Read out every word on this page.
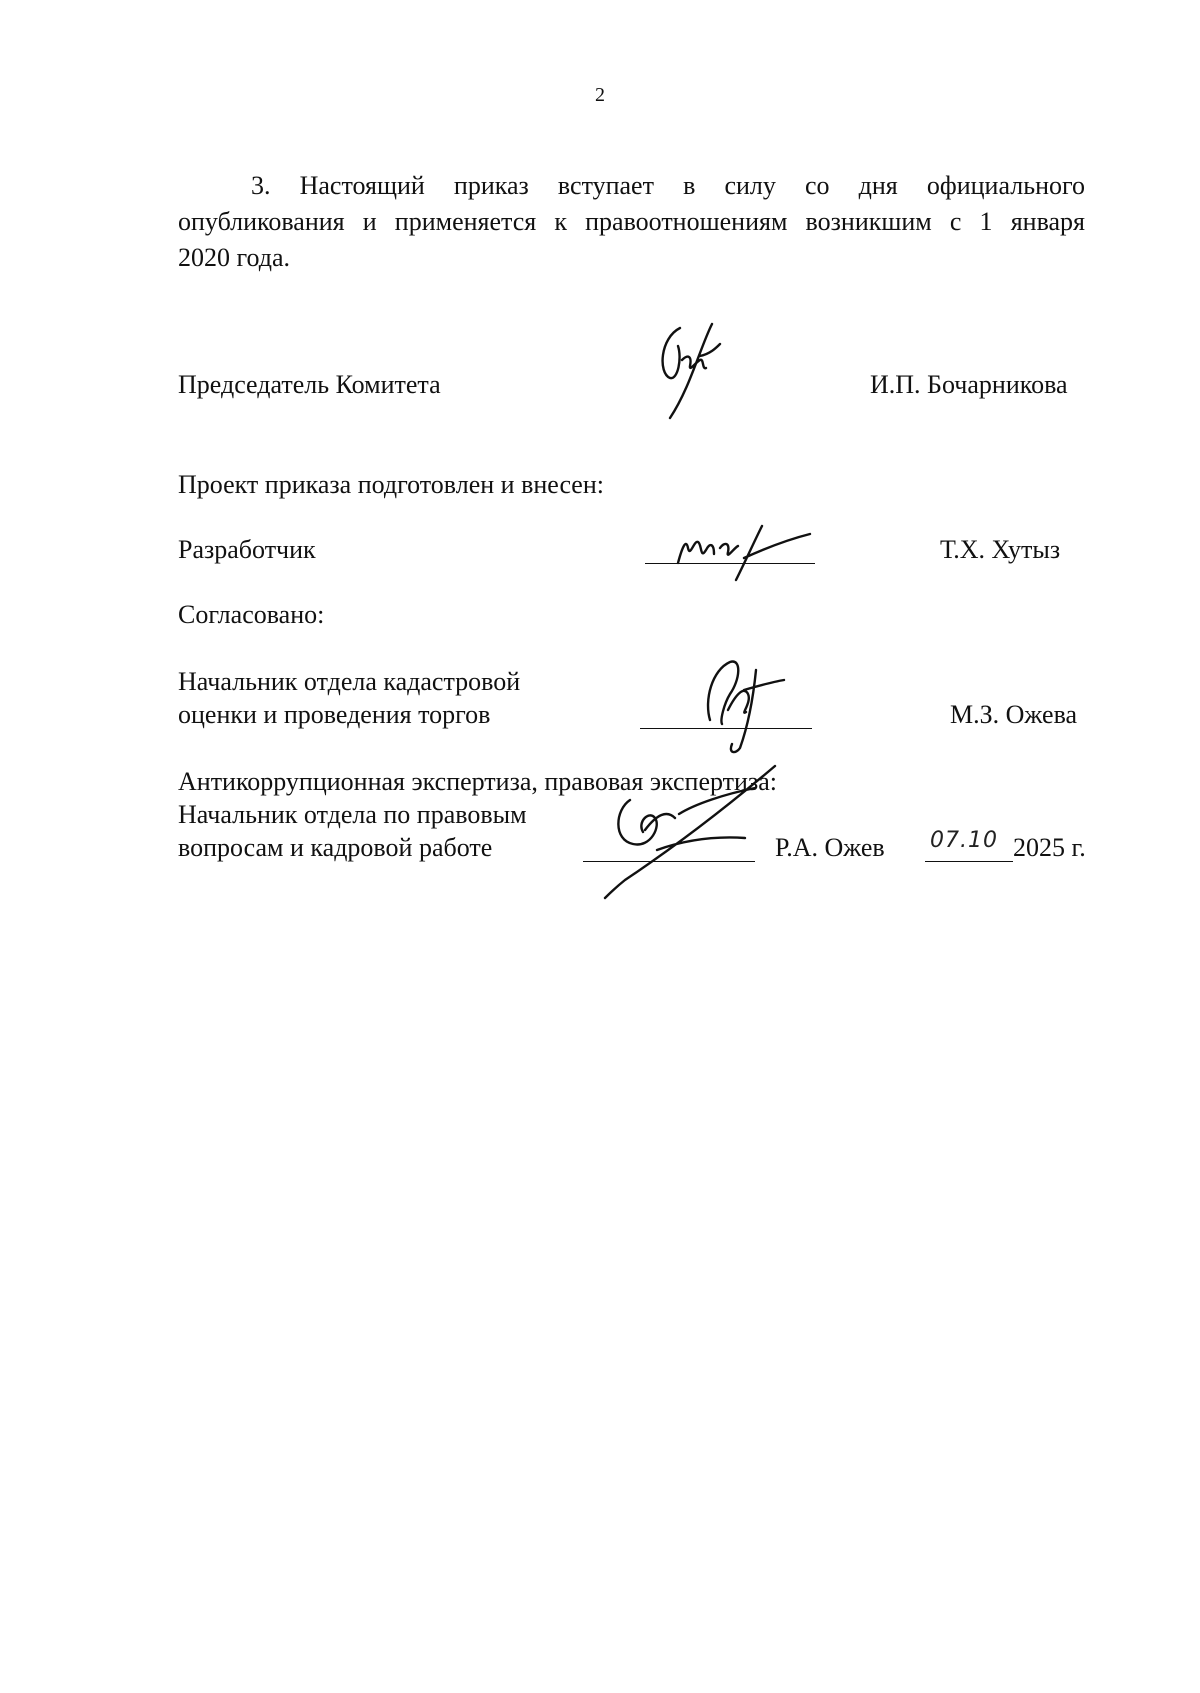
2
3. Настоящий приказ вступает в силу со дня официального
опубликования и применяется к правоотношениям возникшим с 1 января
2020 года.
Председатель Комитета	И.П. Бочарникова
Проект приказа подготовлен и внесен:
Разработчик	Т.Х. Хутыз
Согласовано:
Начальник отдела кадастровой
оценки и проведения торгов	М.З. Ожева
Антикоррупционная экспертиза, правовая экспертиза:
Начальник отдела по правовым
вопросам и кадровой работе	Р.А. Ожев 07.10 2025 г.
